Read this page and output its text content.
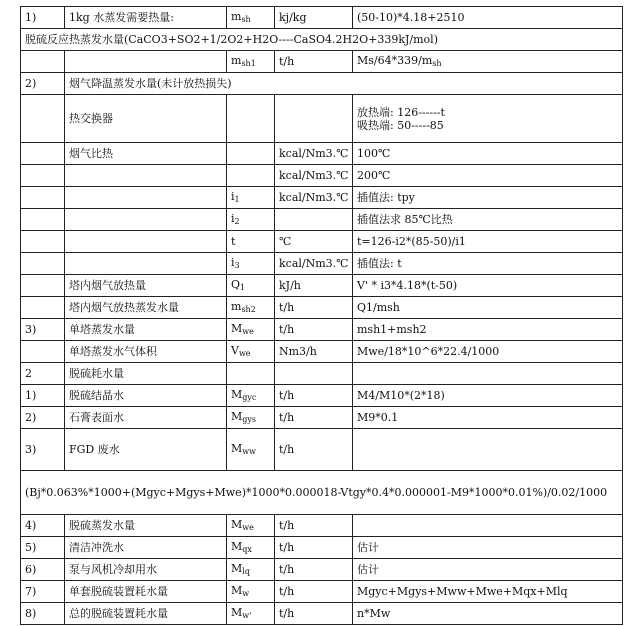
1)	1kg 水蒸发需要热量:	$m_{sh}$	kj/kg	(50-10)*4.18+2510
脱硫反应热蒸发水量(CaCO3+SO2+1/2O2+H2O----CaSO4.2H2O+339kJ/mol)				
		$m_{sh1}$	t/h	$Ms/64*339/m_{sh}$
2)	烟气降温蒸发水量(未计放热损失)			
	热交换器			放热端: 126------t
吸热端: 50-----85

	烟气比热		kcal/Nm3.℃	100℃
			kcal/Nm3.℃	200℃
		$i_1$	kcal/Nm3.℃	插值法: tpy
		$i_2$		插值法求 85℃比热
		t	℃	t=126-i2*(85-50)/i1
		$i_3$	kcal/Nm3.℃	插值法: t
	塔内烟气放热量	$Q_1$	kJ/h	V' * i3*4.18*(t-50)
	塔内烟气放热蒸发水量	$m_{sh2}$	t/h	Q1/msh
3)	单塔蒸发水量	$M_{we}$	t/h	msh1+msh2
	单塔蒸发水气体积	$V_{we}$	Nm3/h	Mwe/18*10^6*22.4/1000
2	脱硫耗水量			
1)	脱硫结晶水	$M_{gyc}$	t/h	M4/M10*(2*18)
2)	石膏表面水	$M_{gys}$	t/h	M9*0.1
3)	FGD 废水	$M_{ww}$	t/h	
(Bj*0.063%*1000+(Mgyc+Mgys+Mwe)*1000*0.000018-Vtgy*0.4*0.000001-M9*1000*0.01%)/0.02/1000				
4)	脱硫蒸发水量	$M_{we}$	t/h	
5)	清洁冲洗水	$M_{qx}$	t/h	估计
6)	泵与风机冷却用水	$M_{lq}$	t/h	估计
7)	单套脱硫装置耗水量	$M_w$	t/h	Mgyc+Mgys+Mww+Mwe+Mqx+Mlq
8)	总的脱硫装置耗水量	$M_{w'}$	t/h	n*Mw
